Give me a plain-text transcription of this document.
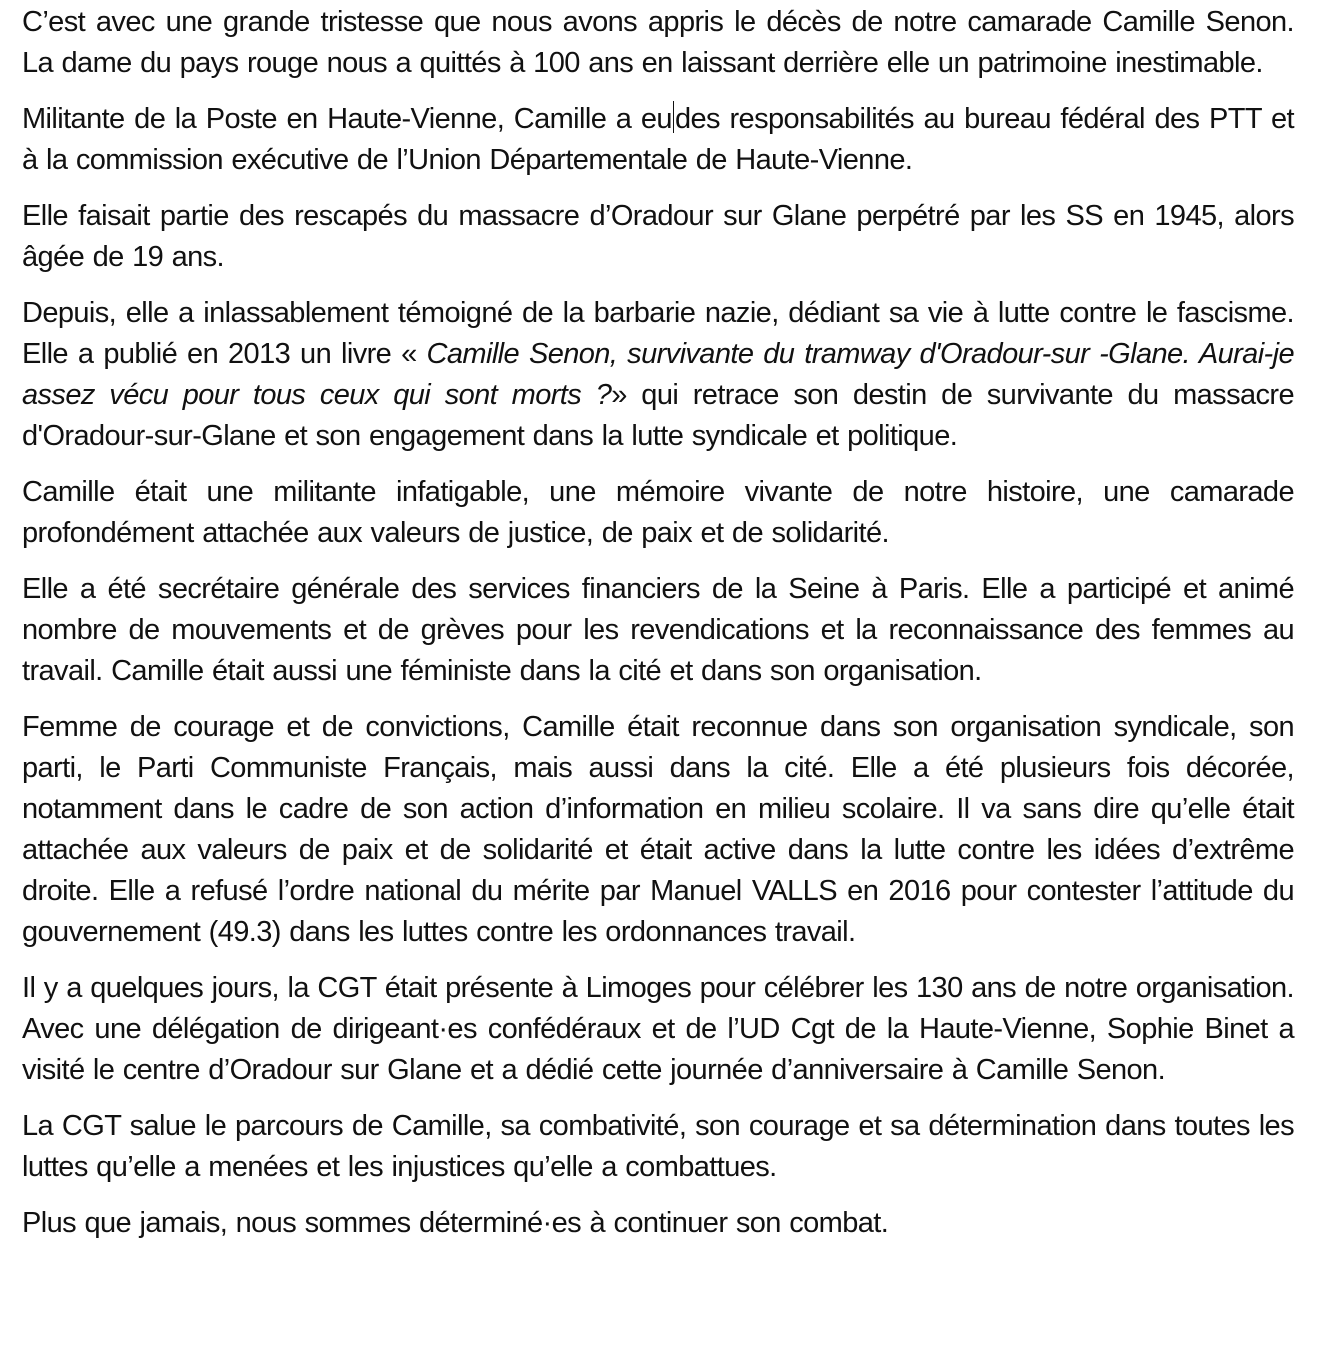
C’est avec une grande tristesse que nous avons appris le décès de notre camarade Camille Senon. La dame du pays rouge nous a quittés à 100 ans en laissant derrière elle un patrimoine inestimable.

Militante de la Poste en Haute-Vienne, Camille a eu des responsabilités au bureau fédéral des PTT et à la commission exécutive de l’Union Départementale de Haute-Vienne.

Elle faisait partie des rescapés du massacre d’Oradour sur Glane perpétré par les SS en 1945, alors âgée de 19 ans.

Depuis, elle a inlassablement témoigné de la barbarie nazie, dédiant sa vie à lutte contre le fascisme. Elle a publié en 2013 un livre « Camille Senon, survivante du tramway d'Oradour-sur -Glane. Aurai-je assez vécu pour tous ceux qui sont morts ?» qui retrace son destin de survivante du massacre d'Oradour-sur-Glane et son engagement dans la lutte syndicale et politique.

Camille était une militante infatigable, une mémoire vivante de notre histoire, une camarade profondément attachée aux valeurs de justice, de paix et de solidarité.

Elle a été secrétaire générale des services financiers de la Seine à Paris. Elle a participé et animé nombre de mouvements et de grèves pour les revendications et la reconnaissance des femmes au travail. Camille était aussi une féministe dans la cité et dans son organisation.

Femme de courage et de convictions, Camille était reconnue dans son organisation syndicale, son parti, le Parti Communiste Français, mais aussi dans la cité. Elle a été plusieurs fois décorée, notamment dans le cadre de son action d’information en milieu scolaire. Il va sans dire qu’elle était attachée aux valeurs de paix et de solidarité et était active dans la lutte contre les idées d’extrême droite. Elle a refusé l’ordre national du mérite par Manuel VALLS en 2016 pour contester l’attitude du gouvernement (49.3) dans les luttes contre les ordonnances travail.

Il y a quelques jours, la CGT était présente à Limoges pour célébrer les 130 ans de notre organisation. Avec une délégation de dirigeant·es confédéraux et de l’UD Cgt de la Haute-Vienne, Sophie Binet a visité le centre d’Oradour sur Glane et a dédié cette journée d’anniversaire à Camille Senon.

La CGT salue le parcours de Camille, sa combativité, son courage et sa détermination dans toutes les luttes qu’elle a menées et les injustices qu’elle a combattues.

Plus que jamais, nous sommes déterminé·es à continuer son combat.
